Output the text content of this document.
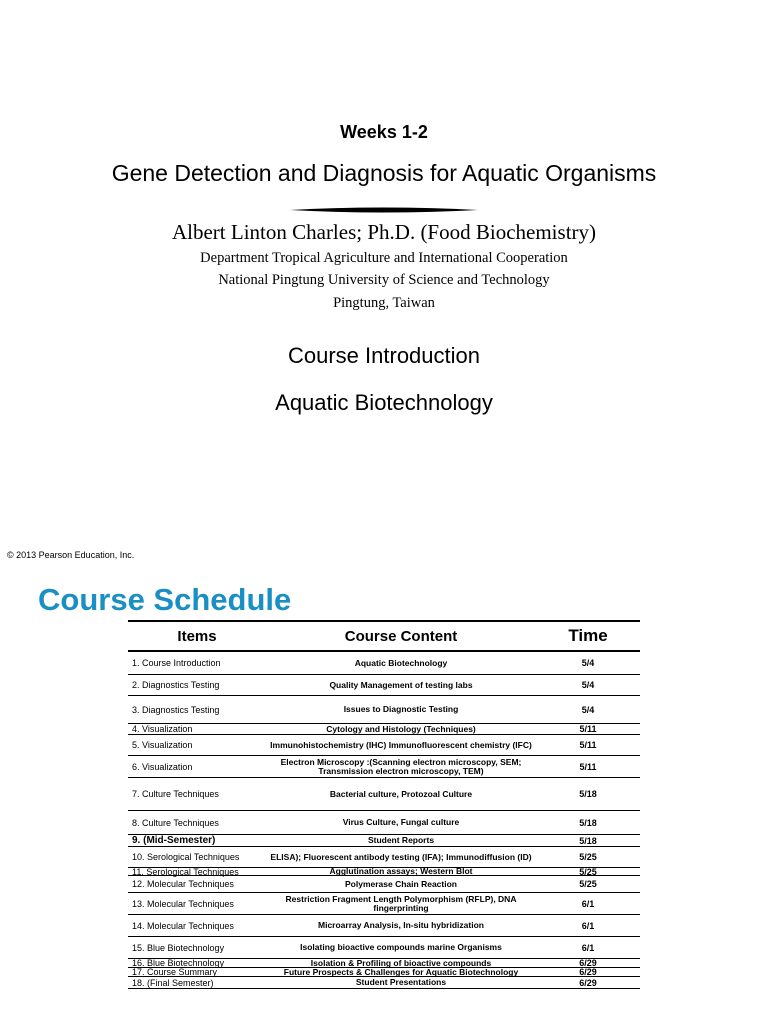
Weeks 1-2
Gene Detection and Diagnosis for Aquatic Organisms
Albert Linton Charles; Ph.D. (Food Biochemistry)
Department Tropical Agriculture and International Cooperation
National Pingtung University of Science and Technology
Pingtung, Taiwan
Course Introduction
Aquatic Biotechnology
© 2013 Pearson Education, Inc.
Course Schedule
Items	Course Content	Time
1. Course Introduction	Aquatic Biotechnology	5/4
2. Diagnostics Testing	Quality Management of testing labs	5/4
3. Diagnostics Testing	Issues to Diagnostic Testing	5/4
4. Visualization	Cytology and Histology (Techniques)	5/11
5. Visualization	Immunohistochemistry (IHC) Immunofluorescent chemistry (IFC)	5/11
6. Visualization	Electron Microscopy :(Scanning electron microscopy, SEM; Transmission electron microscopy, TEM)	5/11
7. Culture Techniques	Bacterial culture, Protozoal Culture	5/18
8. Culture Techniques	Virus Culture, Fungal culture	5/18
9. (Mid-Semester)	Student Reports	5/18
10. Serological Techniques	ELISA); Fluorescent antibody testing (IFA); Immunodiffusion (ID)	5/25
11. Serological Techniques	Agglutination assays; Western Blot	5/25
12. Molecular Techniques	Polymerase Chain Reaction	5/25
13. Molecular Techniques	Restriction Fragment Length Polymorphism (RFLP), DNA fingerprinting	6/1
14. Molecular Techniques	Microarray Analysis, In-situ hybridization	6/1
15. Blue Biotechnology	Isolating bioactive compounds marine Organisms	6/1
16. Blue Biotechnology	Isolation & Profiling of bioactive compounds	6/29
17. Course Summary	Future Prospects & Challenges for Aquatic Biotechnology	6/29
18. (Final Semester)	Student Presentations	6/29
